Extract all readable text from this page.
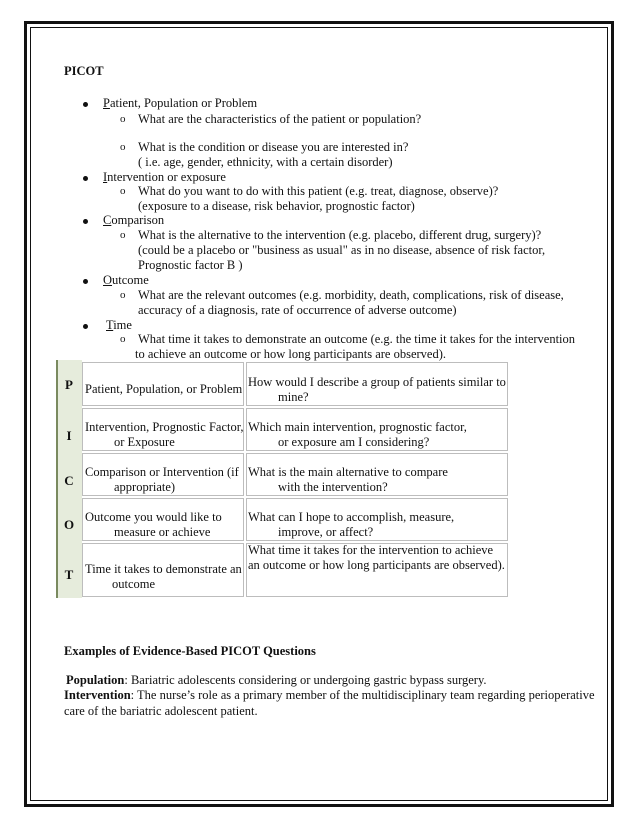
PICOT
Patient, Population or Problem
o What are the characteristics of the patient or population?
o What is the condition or disease you are interested in?
( i.e. age, gender, ethnicity, with a certain disorder)
Intervention or exposure
o What do you want to do with this patient (e.g. treat, diagnose, observe)?
(exposure to a disease, risk behavior, prognostic factor)
Comparison
o What is the alternative to the intervention (e.g. placebo, different drug, surgery)?
(could be a placebo or "business as usual" as in no disease, absence of risk factor,
Prognostic factor B )
Outcome
o What are the relevant outcomes (e.g. morbidity, death, complications, risk of disease,
accuracy of a diagnosis, rate of occurrence of adverse outcome)
Time
o What time it takes to demonstrate an outcome (e.g. the time it takes for the intervention
to achieve an outcome or how long participants are observed).
P Patient, Population, or Problem How would I describe a group of patients similar to
mine?
I
Intervention, Prognostic Factor,
or Exposure
Which main intervention, prognostic factor,
or exposure am I considering?
C
Comparison or Intervention (if
appropriate)
What is the main alternative to compare
with the intervention?
O Outcome you would like to
measure or achieve
What can I hope to accomplish, measure,
improve, or affect?
T Time it takes to demonstrate an
outcome
What time it takes for the intervention to achieve
an outcome or how long participants are observed).
Examples of Evidence-Based PICOT Questions
Population: Bariatric adolescents considering or undergoing gastric bypass surgery.
Intervention: The nurse’s role as a primary member of the multidisciplinary team regarding perioperative
care of the bariatric adolescent patient.
